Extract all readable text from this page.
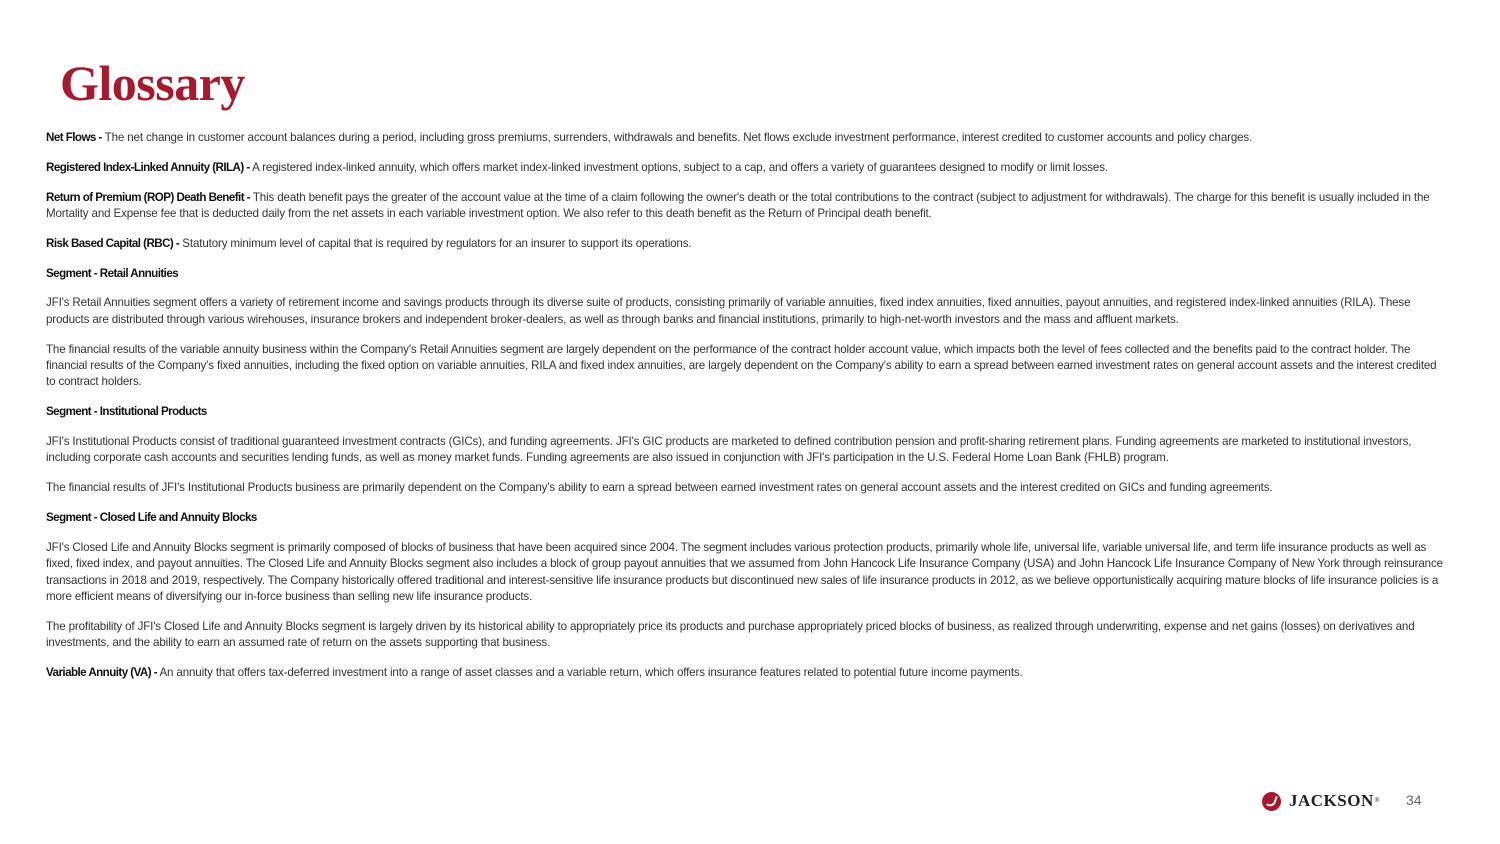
Glossary

Net Flows - The net change in customer account balances during a period, including gross premiums, surrenders, withdrawals and benefits. Net flows exclude investment performance, interest credited to customer accounts and policy charges.

Registered Index-Linked Annuity (RILA) - A registered index-linked annuity, which offers market index-linked investment options, subject to a cap, and offers a variety of guarantees designed to modify or limit losses.

Return of Premium (ROP) Death Benefit - This death benefit pays the greater of the account value at the time of a claim following the owner's death or the total contributions to the contract (subject to adjustment for withdrawals). The charge for this benefit is usually included in the Mortality and Expense fee that is deducted daily from the net assets in each variable investment option. We also refer to this death benefit as the Return of Principal death benefit.

Risk Based Capital (RBC) - Statutory minimum level of capital that is required by regulators for an insurer to support its operations.

Segment - Retail Annuities

JFI's Retail Annuities segment offers a variety of retirement income and savings products through its diverse suite of products, consisting primarily of variable annuities, fixed index annuities, fixed annuities, payout annuities, and registered index-linked annuities (RILA). These products are distributed through various wirehouses, insurance brokers and independent broker-dealers, as well as through banks and financial institutions, primarily to high-net-worth investors and the mass and affluent markets.

The financial results of the variable annuity business within the Company's Retail Annuities segment are largely dependent on the performance of the contract holder account value, which impacts both the level of fees collected and the benefits paid to the contract holder. The financial results of the Company's fixed annuities, including the fixed option on variable annuities, RILA and fixed index annuities, are largely dependent on the Company's ability to earn a spread between earned investment rates on general account assets and the interest credited to contract holders.

Segment - Institutional Products

JFI's Institutional Products consist of traditional guaranteed investment contracts (GICs), and funding agreements. JFI's GIC products are marketed to defined contribution pension and profit-sharing retirement plans. Funding agreements are marketed to institutional investors, including corporate cash accounts and securities lending funds, as well as money market funds. Funding agreements are also issued in conjunction with JFI's participation in the U.S. Federal Home Loan Bank (FHLB) program.

The financial results of JFI's Institutional Products business are primarily dependent on the Company's ability to earn a spread between earned investment rates on general account assets and the interest credited on GICs and funding agreements.

Segment - Closed Life and Annuity Blocks

JFI's Closed Life and Annuity Blocks segment is primarily composed of blocks of business that have been acquired since 2004. The segment includes various protection products, primarily whole life, universal life, variable universal life, and term life insurance products as well as fixed, fixed index, and payout annuities. The Closed Life and Annuity Blocks segment also includes a block of group payout annuities that we assumed from John Hancock Life Insurance Company (USA) and John Hancock Life Insurance Company of New York through reinsurance transactions in 2018 and 2019, respectively. The Company historically offered traditional and interest-sensitive life insurance products but discontinued new sales of life insurance products in 2012, as we believe opportunistically acquiring mature blocks of life insurance policies is a more efficient means of diversifying our in-force business than selling new life insurance products.

The profitability of JFI's Closed Life and Annuity Blocks segment is largely driven by its historical ability to appropriately price its products and purchase appropriately priced blocks of business, as realized through underwriting, expense and net gains (losses) on derivatives and investments, and the ability to earn an assumed rate of return on the assets supporting that business.

Variable Annuity (VA) - An annuity that offers tax-deferred investment into a range of asset classes and a variable return, which offers insurance features related to potential future income payments.

JACKSON ® 34
